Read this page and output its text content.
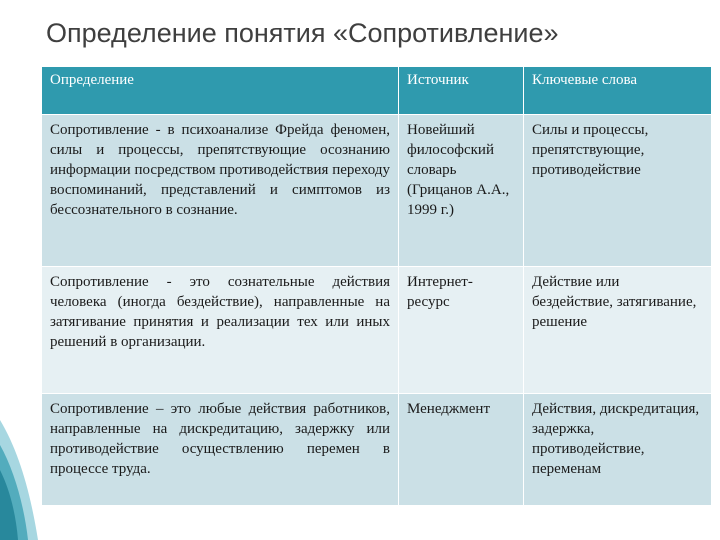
Определение понятия «Сопротивление»
Определение	Источник	Ключевые слова
Сопротивление - в психоанализе Фрейда феномен, силы и процессы, препятствующие осознанию информации посредством противодействия переходу воспоминаний, представлений и симптомов из бессознательного в сознание.	Новейший философский словарь (Грицанов А.А., 1999 г.)	Силы и процессы, препятствующие, противодействие
Сопротивление - это сознательные действия человека (иногда бездействие), направленные на затягивание принятия и реализации тех или иных решений в организации.	Интернет-ресурс	Действие или бездействие, затягивание, решение
Сопротивление – это любые действия работников, направленные на дискредитацию, задержку или противодействие осуществлению перемен в процессе труда.	Менеджмент	Действия, дискредитация, задержка, противодействие, переменам
